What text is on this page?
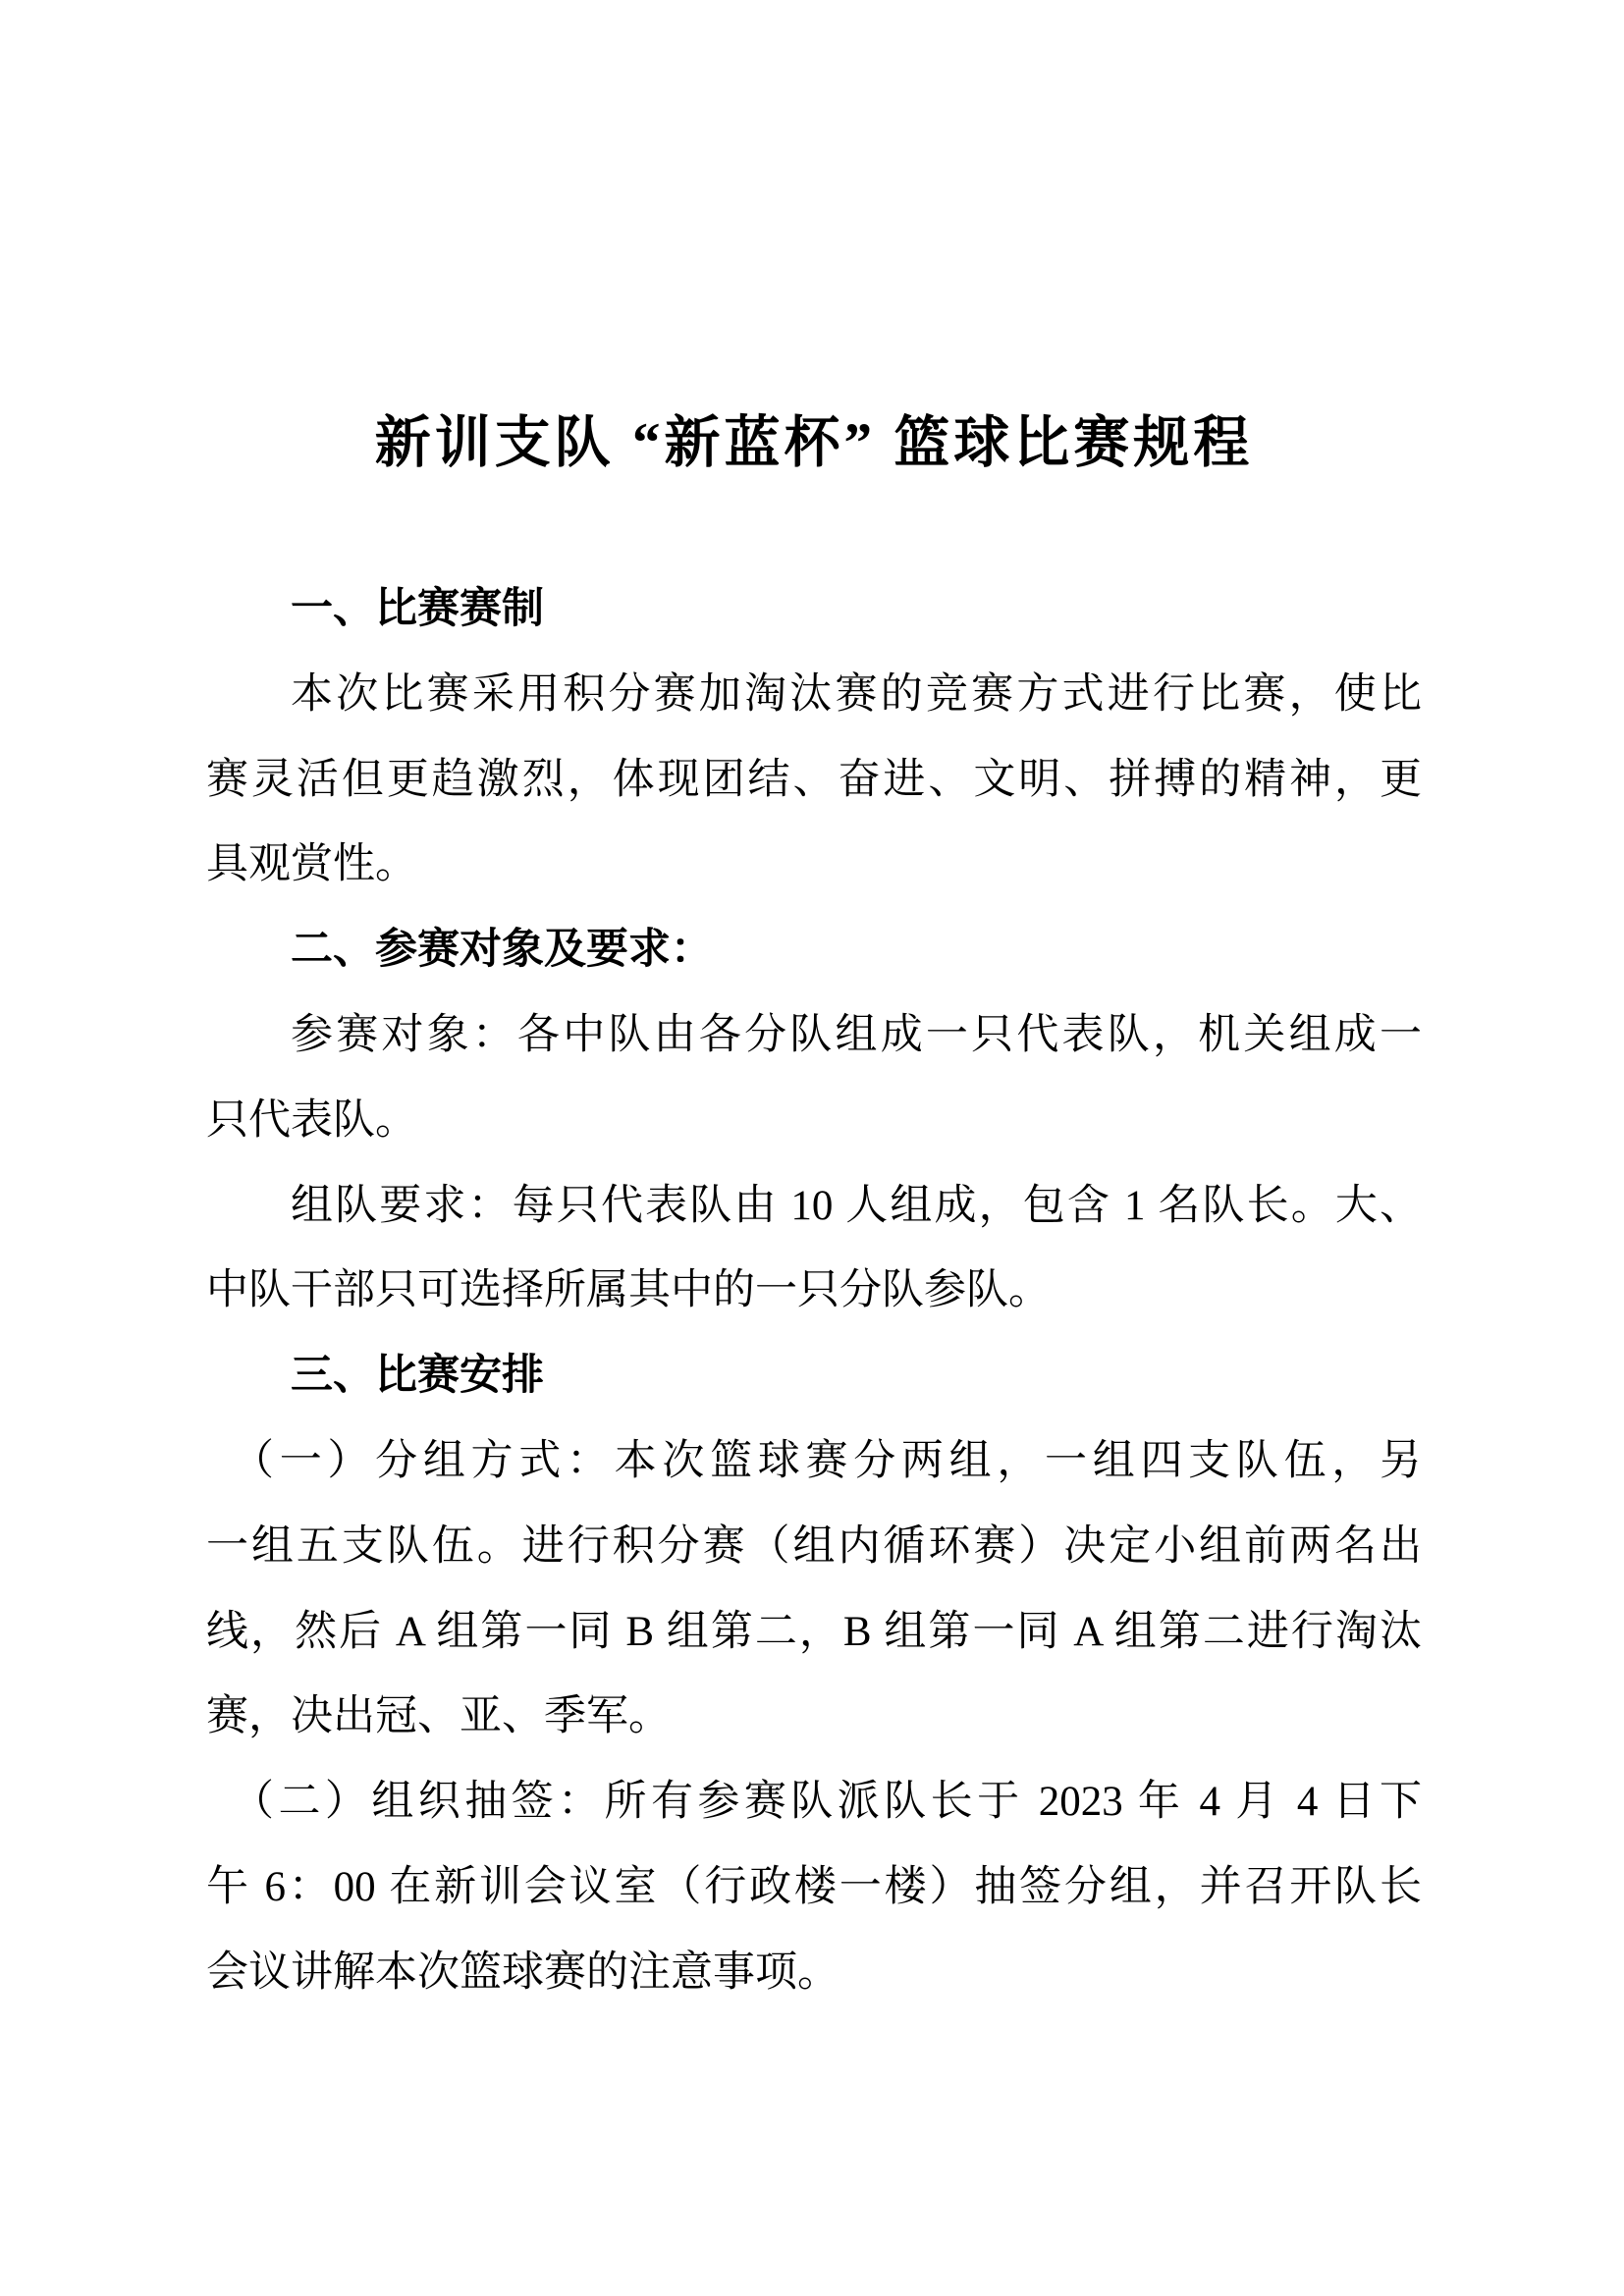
新训支队 “新蓝杯” 篮球比赛规程
一、比赛赛制
本次比赛采用积分赛加淘汰赛的竞赛方式进行比赛，使比
赛灵活但更趋激烈，体现团结、奋进、文明、拼搏的精神，更
具观赏性。
二、参赛对象及要求：
参赛对象：各中队由各分队组成一只代表队，机关组成一
只代表队。
组队要求：每只代表队由 10 人组成，包含 1 名队长。大、
中队干部只可选择所属其中的一只分队参队。
三、比赛安排
（一）分组方式：本次篮球赛分两组，一组四支队伍，另
一组五支队伍。进行积分赛（组内循环赛）决定小组前两名出
线，然后 A 组第一同 B 组第二，B 组第一同 A 组第二进行淘汰
赛，决出冠、亚、季军。
（二）组织抽签：所有参赛队派队长于 2023 年 4 月 4 日下
午 6：00 在新训会议室（行政楼一楼）抽签分组，并召开队长
会议讲解本次篮球赛的注意事项。
